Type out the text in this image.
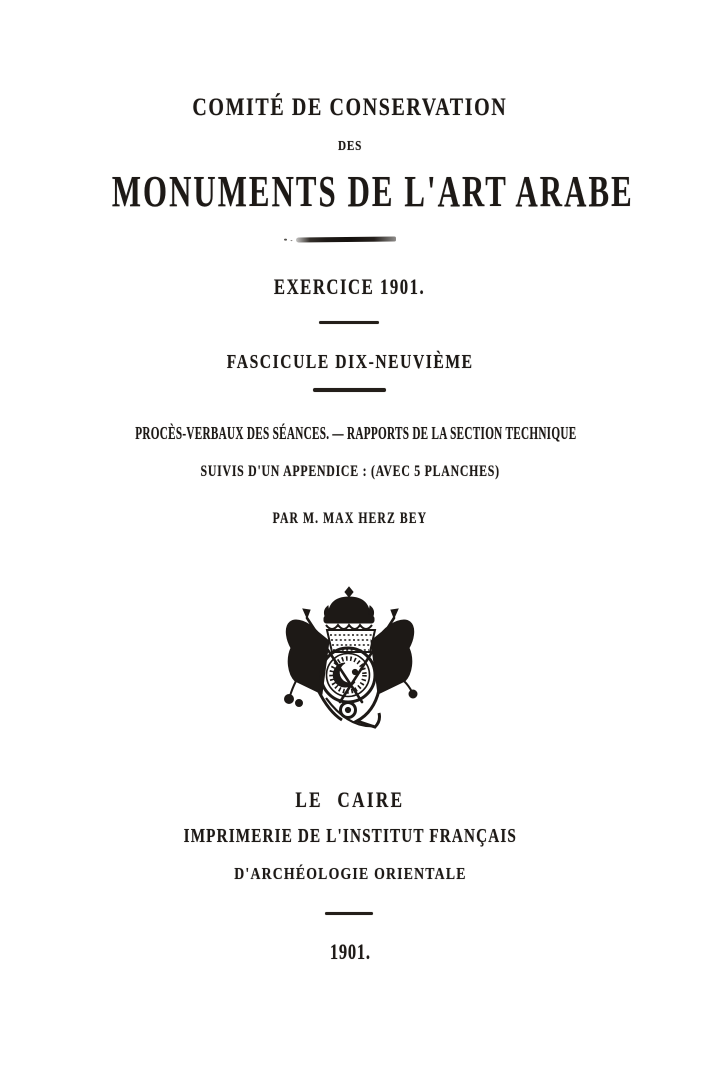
COMITÉ DE CONSERVATION
DES
MONUMENTS DE L'ART ARABE
EXERCICE 1901.
FASCICULE DIX-NEUVIÈME
PROCÈS-VERBAUX DES SÉANCES. — RAPPORTS DE LA SECTION TECHNIQUE
SUIVIS D'UN APPENDICE : (AVEC 5 PLANCHES)
PAR M. MAX HERZ BEY
LE CAIRE
IMPRIMERIE DE L'INSTITUT FRANÇAIS
D'ARCHÉOLOGIE ORIENTALE
1901.
